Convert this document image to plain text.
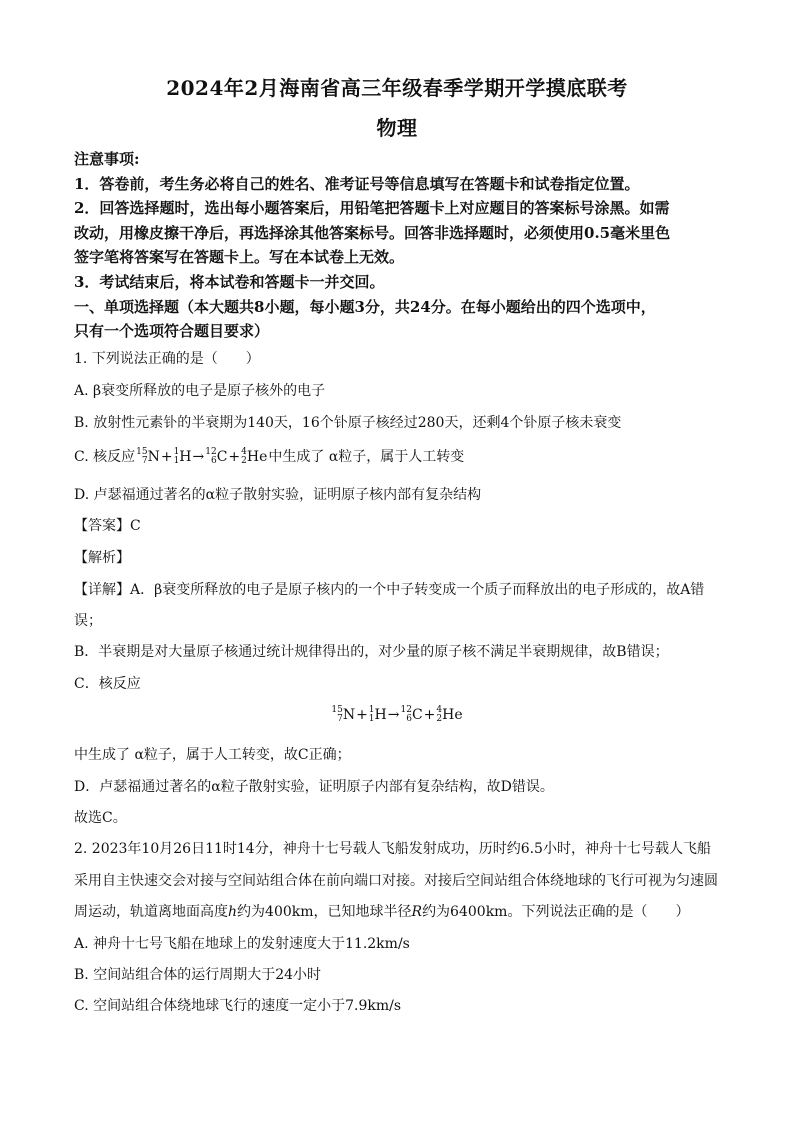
2024年2月海南省高三年级春季学期开学摸底联考
物理
注意事项:
1．答卷前，考生务必将自己的姓名、准考证号等信息填写在答题卡和试卷指定位置。
2．回答选择题时，选出每小题答案后，用铅笔把答题卡上对应题目的答案标号涂黑。如需
改动，用橡皮擦干净后，再选择涂其他答案标号。回答非选择题时，必须使用0.5毫米里色
签字笔将答案写在答题卡上。写在本试卷上无效。
3．考试结束后，将本试卷和答题卡一并交回。
一、单项选择题（本大题共8小题，每小题3分，共24分。在每小题给出的四个选项中，
只有一个选项符合题目要求）
1. 下列说法正确的是（　　）
A. β衰变所释放的电子是原子核外的电子
B. 放射性元素钋的半衰期为140天，16个钋原子核经过280天，还剩4个钋原子核未衰变
C. 核反应 15
7 N+ 1
1 H→ 12
6 C+ 4
2 He中生成了 α粒子，属于人工转变
D. 卢瑟福通过著名的α粒子散射实验，证明原子核内部有复杂结构
【答案】C
【解析】
【详解】A．β衰变所释放的电子是原子核内的一个中子转变成一个质子而释放出的电子形成的，故A错
误；
B．半衰期是对大量原子核通过统计规律得出的，对少量的原子核不满足半衰期规律，故B错误；
C．核反应
15
7 N+ 1
1 H→ 12
6 C+ 4
2 He
中生成了 α粒子，属于人工转变，故C正确；
D．卢瑟福通过著名的α粒子散射实验，证明原子内部有复杂结构，故D错误。
故选C。
2. 2023年10月26日11时14分，神舟十七号载人飞船发射成功，历时约6.5小时，神舟十七号载人飞船
采用自主快速交会对接与空间站组合体在前向端口对接。对接后空间站组合体绕地球的飞行可视为匀速圆
周运动，轨道离地面高度h约为400km，已知地球半径R约为6400km。下列说法正确的是（　　）
A. 神舟十七号飞船在地球上的发射速度大于11.2km/s
B. 空间站组合体的运行周期大于24小时
C. 空间站组合体绕地球飞行的速度一定小于7.9km/s
